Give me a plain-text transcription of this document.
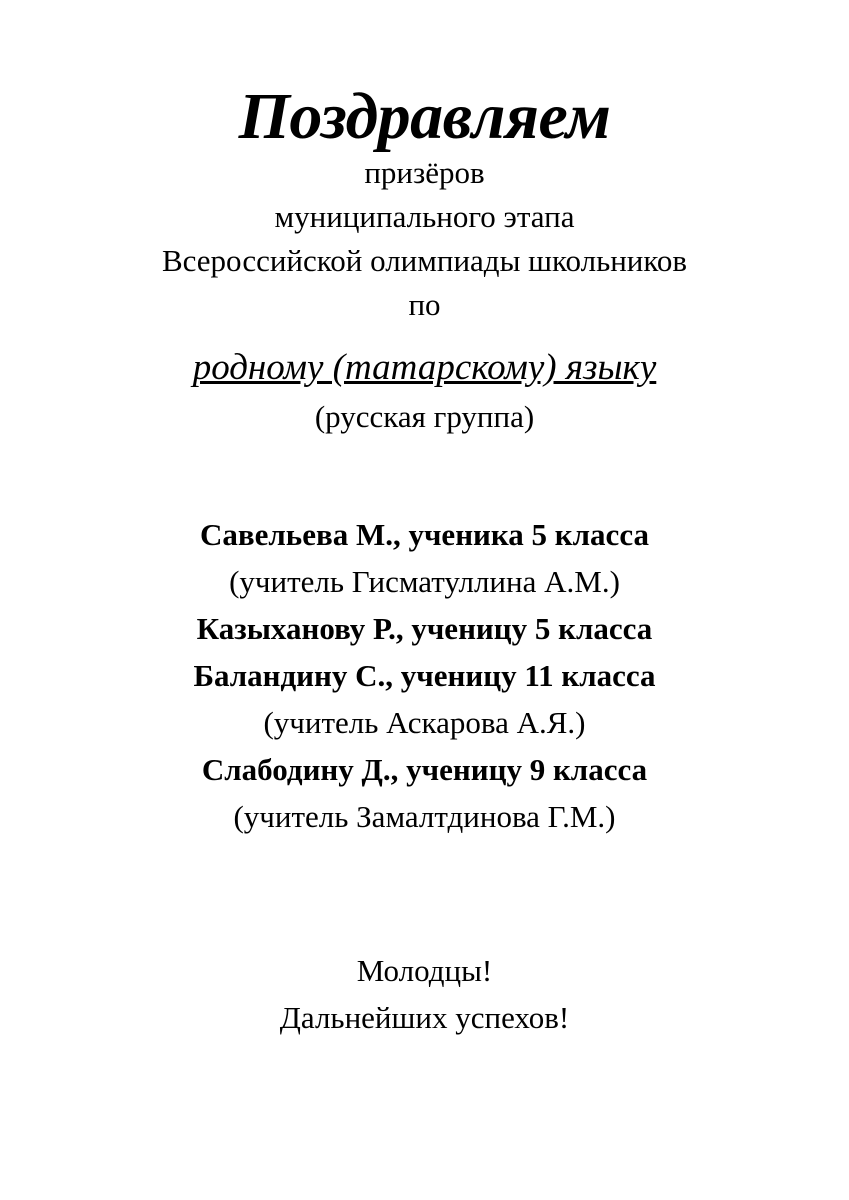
Поздравляем

призёров

муниципального этапа

Всероссийской олимпиады школьников

по

родному (татарскому) языку

(русская группа)

Савельева М., ученика 5 класса

(учитель Гисматуллина А.М.)

Казыханову Р., ученицу 5 класса

Баландину С., ученицу 11 класса

(учитель Аскарова А.Я.)

Слабодину Д., ученицу 9 класса

(учитель Замалтдинова Г.М.)

Молодцы!

Дальнейших успехов!
